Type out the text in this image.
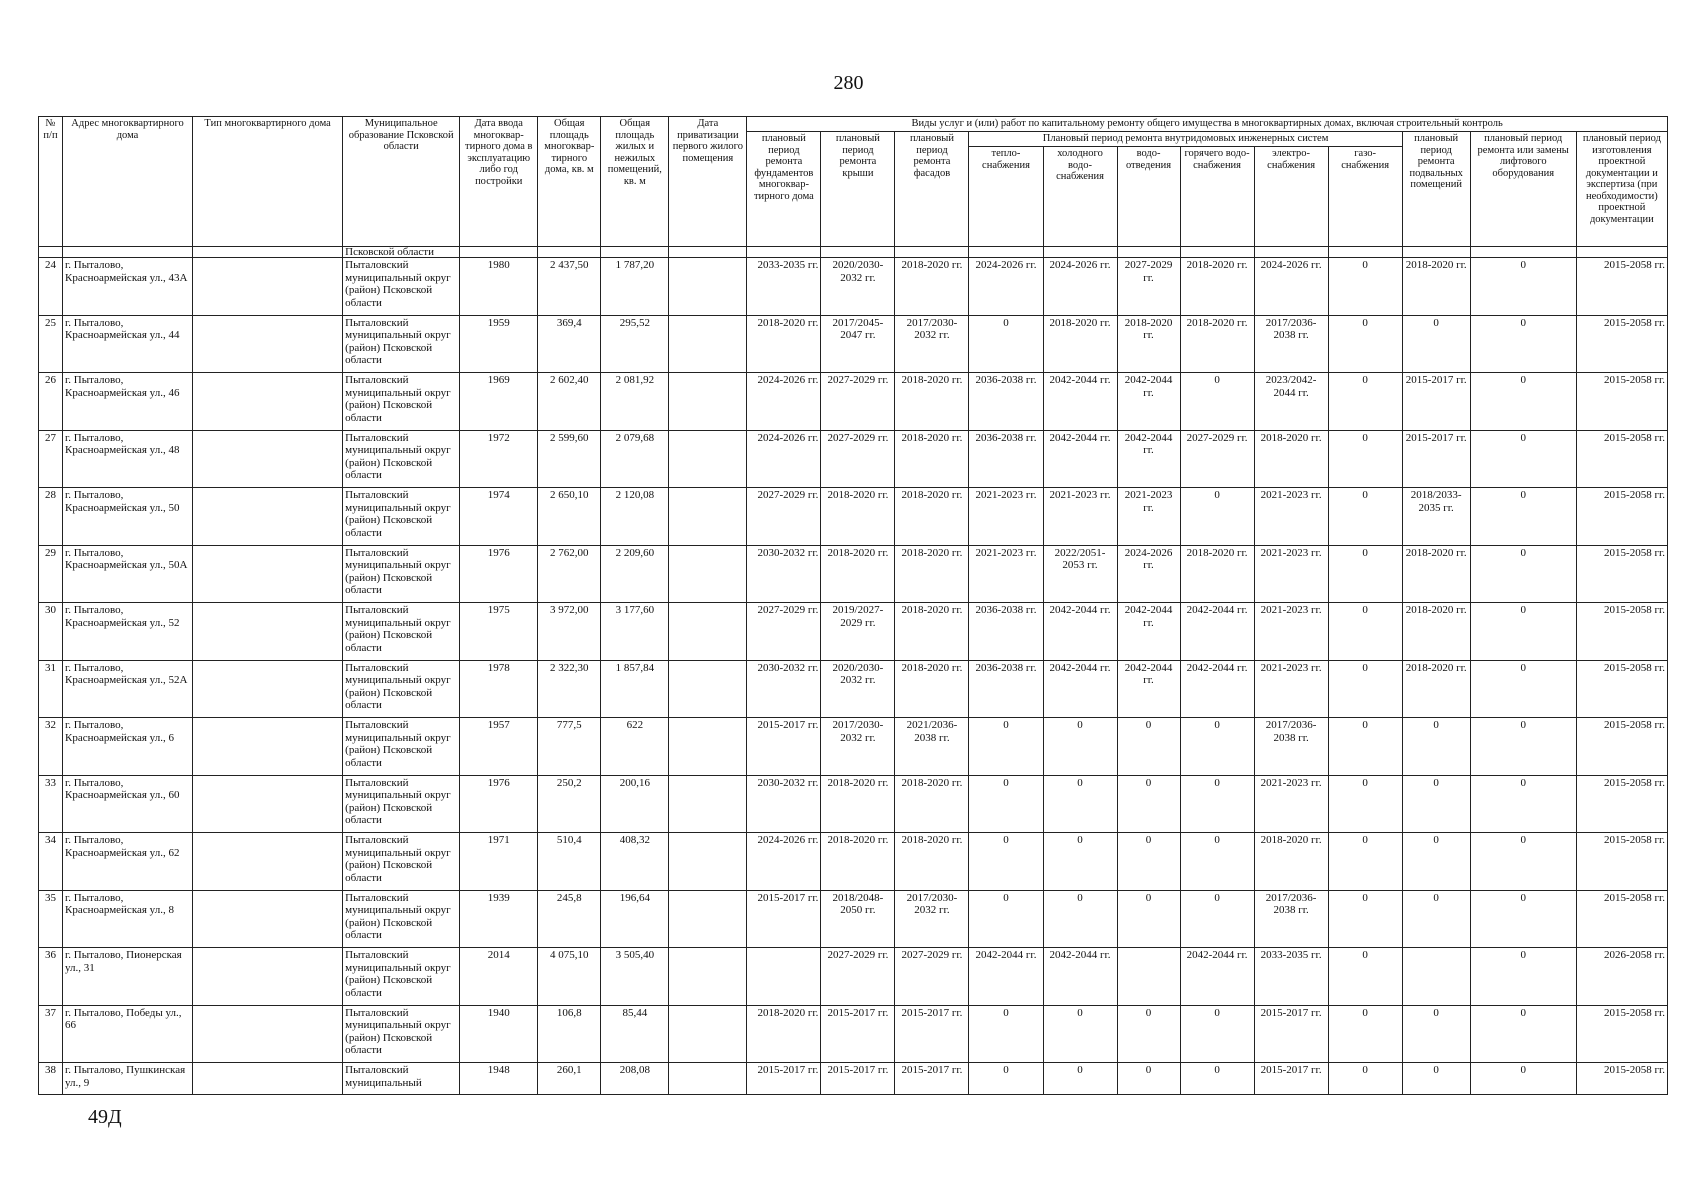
280
№ п/п	Адрес многоквартирного дома	Тип многоквартирного дома	Муниципальное образование Псковской области	Дата ввода многоквар-тирного дома в эксплуатацию либо год постройки	Общая площадь многоквар-тирного дома, кв. м	Общая площадь жилых и нежилых помещений, кв. м	Дата приватизации первого жилого помещения	Виды услуг и (или) работ по капитальному ремонту общего имущества в многоквартирных домах, включая строительный контроль											
								плановый период ремонта фундаментов многоквар-тирного дома	плановый период ремонта крыши	плановый период ремонта фасадов	Плановый период ремонта внутридомовых инженерных систем						плановый период ремонта подвальных помещений	плановый период ремонта или замены лифтового оборудования	плановый период изготовления проектной документации и экспертиза (при необходимости) проектной документации
											тепло-снабжения	холодного водо-снабжения	водо-отведения	горячего водо-снабжения	электро-снабжения	газо-снабжения			
			Псковской области																
24	г. Пыталово, Красноармейская ул., 43А		Пыталовский муниципальный округ (район) Псковской области	1980	2 437,50	1 787,20		2033-2035 гг.	2020/2030-2032 гг.	2018-2020 гг.	2024-2026 гг.	2024-2026 гг.	2027-2029 гг.	2018-2020 гг.	2024-2026 гг.	0	2018-2020 гг.	0	2015-2058 гг.
25	г. Пыталово, Красноармейская ул., 44		Пыталовский муниципальный округ (район) Псковской области	1959	369,4	295,52		2018-2020 гг.	2017/2045-2047 гг.	2017/2030-2032 гг.	0	2018-2020 гг.	2018-2020 гг.	2018-2020 гг.	2017/2036-2038 гг.	0	0	0	2015-2058 гг.
26	г. Пыталово, Красноармейская ул., 46		Пыталовский муниципальный округ (район) Псковской области	1969	2 602,40	2 081,92		2024-2026 гг.	2027-2029 гг.	2018-2020 гг.	2036-2038 гг.	2042-2044 гг.	2042-2044 гг.	0	2023/2042-2044 гг.	0	2015-2017 гг.	0	2015-2058 гг.
27	г. Пыталово, Красноармейская ул., 48		Пыталовский муниципальный округ (район) Псковской области	1972	2 599,60	2 079,68		2024-2026 гг.	2027-2029 гг.	2018-2020 гг.	2036-2038 гг.	2042-2044 гг.	2042-2044 гг.	2027-2029 гг.	2018-2020 гг.	0	2015-2017 гг.	0	2015-2058 гг.
28	г. Пыталово, Красноармейская ул., 50		Пыталовский муниципальный округ (район) Псковской области	1974	2 650,10	2 120,08		2027-2029 гг.	2018-2020 гг.	2018-2020 гг.	2021-2023 гг.	2021-2023 гг.	2021-2023 гг.	0	2021-2023 гг.	0	2018/2033-2035 гг.	0	2015-2058 гг.
29	г. Пыталово, Красноармейская ул., 50А		Пыталовский муниципальный округ (район) Псковской области	1976	2 762,00	2 209,60		2030-2032 гг.	2018-2020 гг.	2018-2020 гг.	2021-2023 гг.	2022/2051-2053 гг.	2024-2026 гг.	2018-2020 гг.	2021-2023 гг.	0	2018-2020 гг.	0	2015-2058 гг.
30	г. Пыталово, Красноармейская ул., 52		Пыталовский муниципальный округ (район) Псковской области	1975	3 972,00	3 177,60		2027-2029 гг.	2019/2027-2029 гг.	2018-2020 гг.	2036-2038 гг.	2042-2044 гг.	2042-2044 гг.	2042-2044 гг.	2021-2023 гг.	0	2018-2020 гг.	0	2015-2058 гг.
31	г. Пыталово, Красноармейская ул., 52А		Пыталовский муниципальный округ (район) Псковской области	1978	2 322,30	1 857,84		2030-2032 гг.	2020/2030-2032 гг.	2018-2020 гг.	2036-2038 гг.	2042-2044 гг.	2042-2044 гг.	2042-2044 гг.	2021-2023 гг.	0	2018-2020 гг.	0	2015-2058 гг.
32	г. Пыталово, Красноармейская ул., 6		Пыталовский муниципальный округ (район) Псковской области	1957	777,5	622		2015-2017 гг.	2017/2030-2032 гг.	2021/2036-2038 гг.	0	0	0	0	2017/2036-2038 гг.	0	0	0	2015-2058 гг.
33	г. Пыталово, Красноармейская ул., 60		Пыталовский муниципальный округ (район) Псковской области	1976	250,2	200,16		2030-2032 гг.	2018-2020 гг.	2018-2020 гг.	0	0	0	0	2021-2023 гг.	0	0	0	2015-2058 гг.
34	г. Пыталово, Красноармейская ул., 62		Пыталовский муниципальный округ (район) Псковской области	1971	510,4	408,32		2024-2026 гг.	2018-2020 гг.	2018-2020 гг.	0	0	0	0	2018-2020 гг.	0	0	0	2015-2058 гг.
35	г. Пыталово, Красноармейская ул., 8		Пыталовский муниципальный округ (район) Псковской области	1939	245,8	196,64		2015-2017 гг.	2018/2048-2050 гг.	2017/2030-2032 гг.	0	0	0	0	2017/2036-2038 гг.	0	0	0	2015-2058 гг.
36	г. Пыталово, Пионерская ул., 31		Пыталовский муниципальный округ (район) Псковской области	2014	4 075,10	3 505,40			2027-2029 гг.	2027-2029 гг.	2042-2044 гг.	2042-2044 гг.		2042-2044 гг.	2033-2035 гг.	0		0	2026-2058 гг.
37	г. Пыталово, Победы ул., 66		Пыталовский муниципальный округ (район) Псковской области	1940	106,8	85,44		2018-2020 гг.	2015-2017 гг.	2015-2017 гг.	0	0	0	0	2015-2017 гг.	0	0	0	2015-2058 гг.
38	г. Пыталово, Пушкинская ул., 9		Пыталовский муниципальный	1948	260,1	208,08		2015-2017 гг.	2015-2017 гг.	2015-2017 гг.	0	0	0	0	2015-2017 гг.	0	0	0	2015-2058 гг.
49Д
